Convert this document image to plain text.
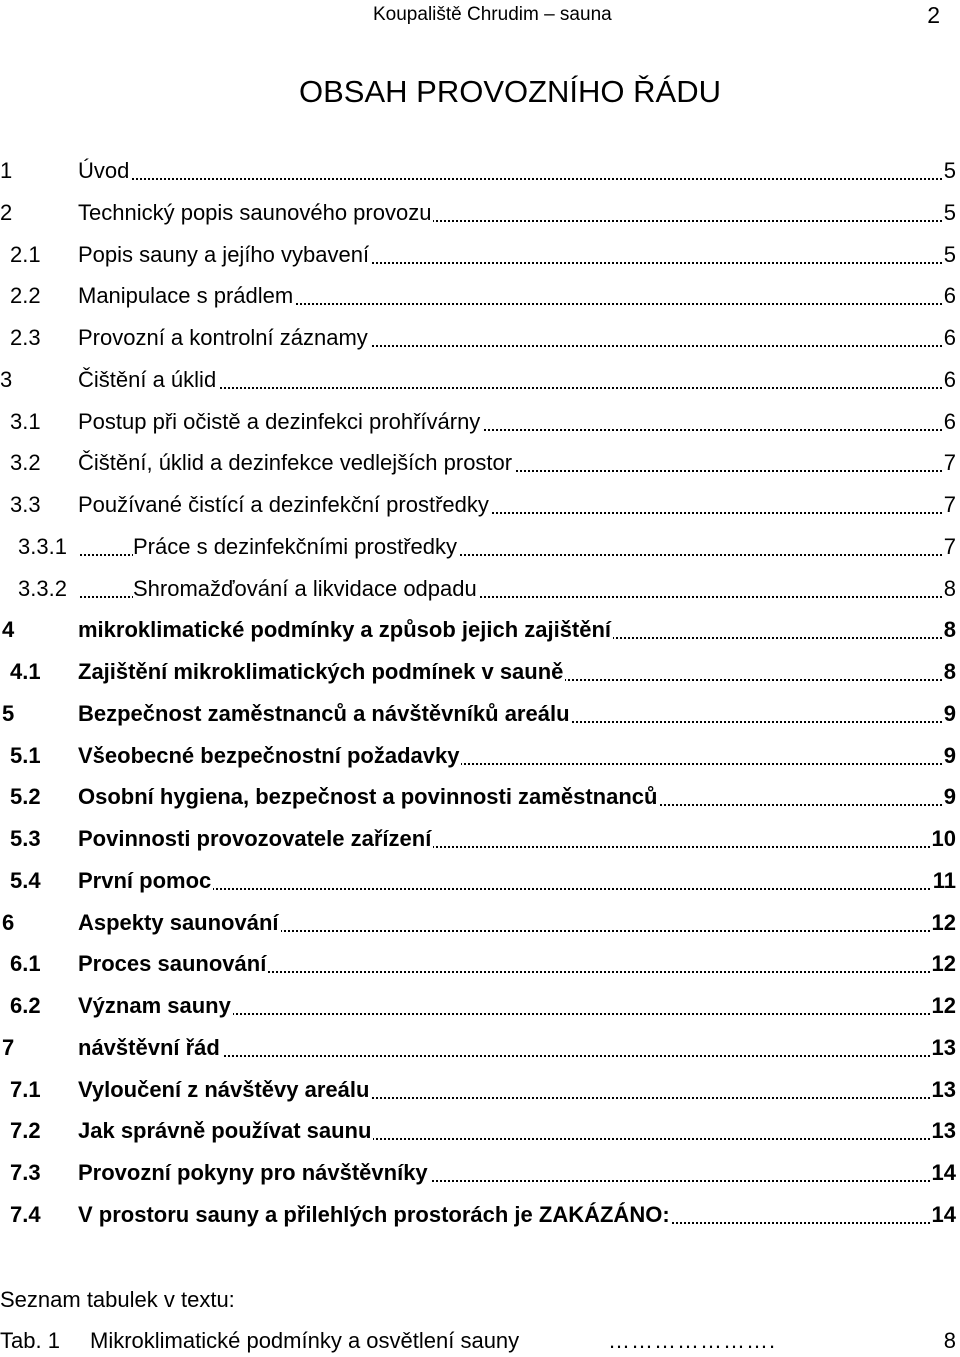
Koupaliště Chrudim – sauna	2
OBSAH PROVOZNÍHO ŘÁDU
1	Úvod	5
2	Technický popis saunového provozu	5
2.1 Popis sauny a jejího vybavení	5
2.2 Manipulace s prádlem	6
2.3 Provozní a kontrolní záznamy	6
3	Čištění a úklid	6
3.1 Postup při očistě a dezinfekci prohřívárny	6
3.2 Čištění, úklid a dezinfekce vedlejších prostor	7
3.3 Používané čistící a dezinfekční prostředky	7
3.3.1	Práce s dezinfekčními prostředky	7
3.3.2	Shromažďování a likvidace odpadu	8
4	mikroklimatické podmínky a způsob jejich zajištění	8
4.1 Zajištění mikroklimatických podmínek v sauně	8
5	Bezpečnost zaměstnanců a návštěvníků areálu	9
5.1 Všeobecné bezpečnostní požadavky	9
5.2 Osobní hygiena, bezpečnost a povinnosti zaměstnanců	9
5.3 Povinnosti provozovatele zařízení	10
5.4 První pomoc	11
6	Aspekty saunování	12
6.1 Proces saunování	12
6.2 Význam sauny	12
7	návštěvní řád	13
7.1 Vyloučení z návštěvy areálu	13
7.2 Jak správně používat saunu	13
7.3 Provozní pokyny pro návštěvníky	14
7.4 V prostoru sauny a přilehlých prostorách je ZAKÁZÁNO:	14
Seznam tabulek v textu:
Tab. 1 Mikroklimatické podmínky a osvětlení sauny	………………….	8
